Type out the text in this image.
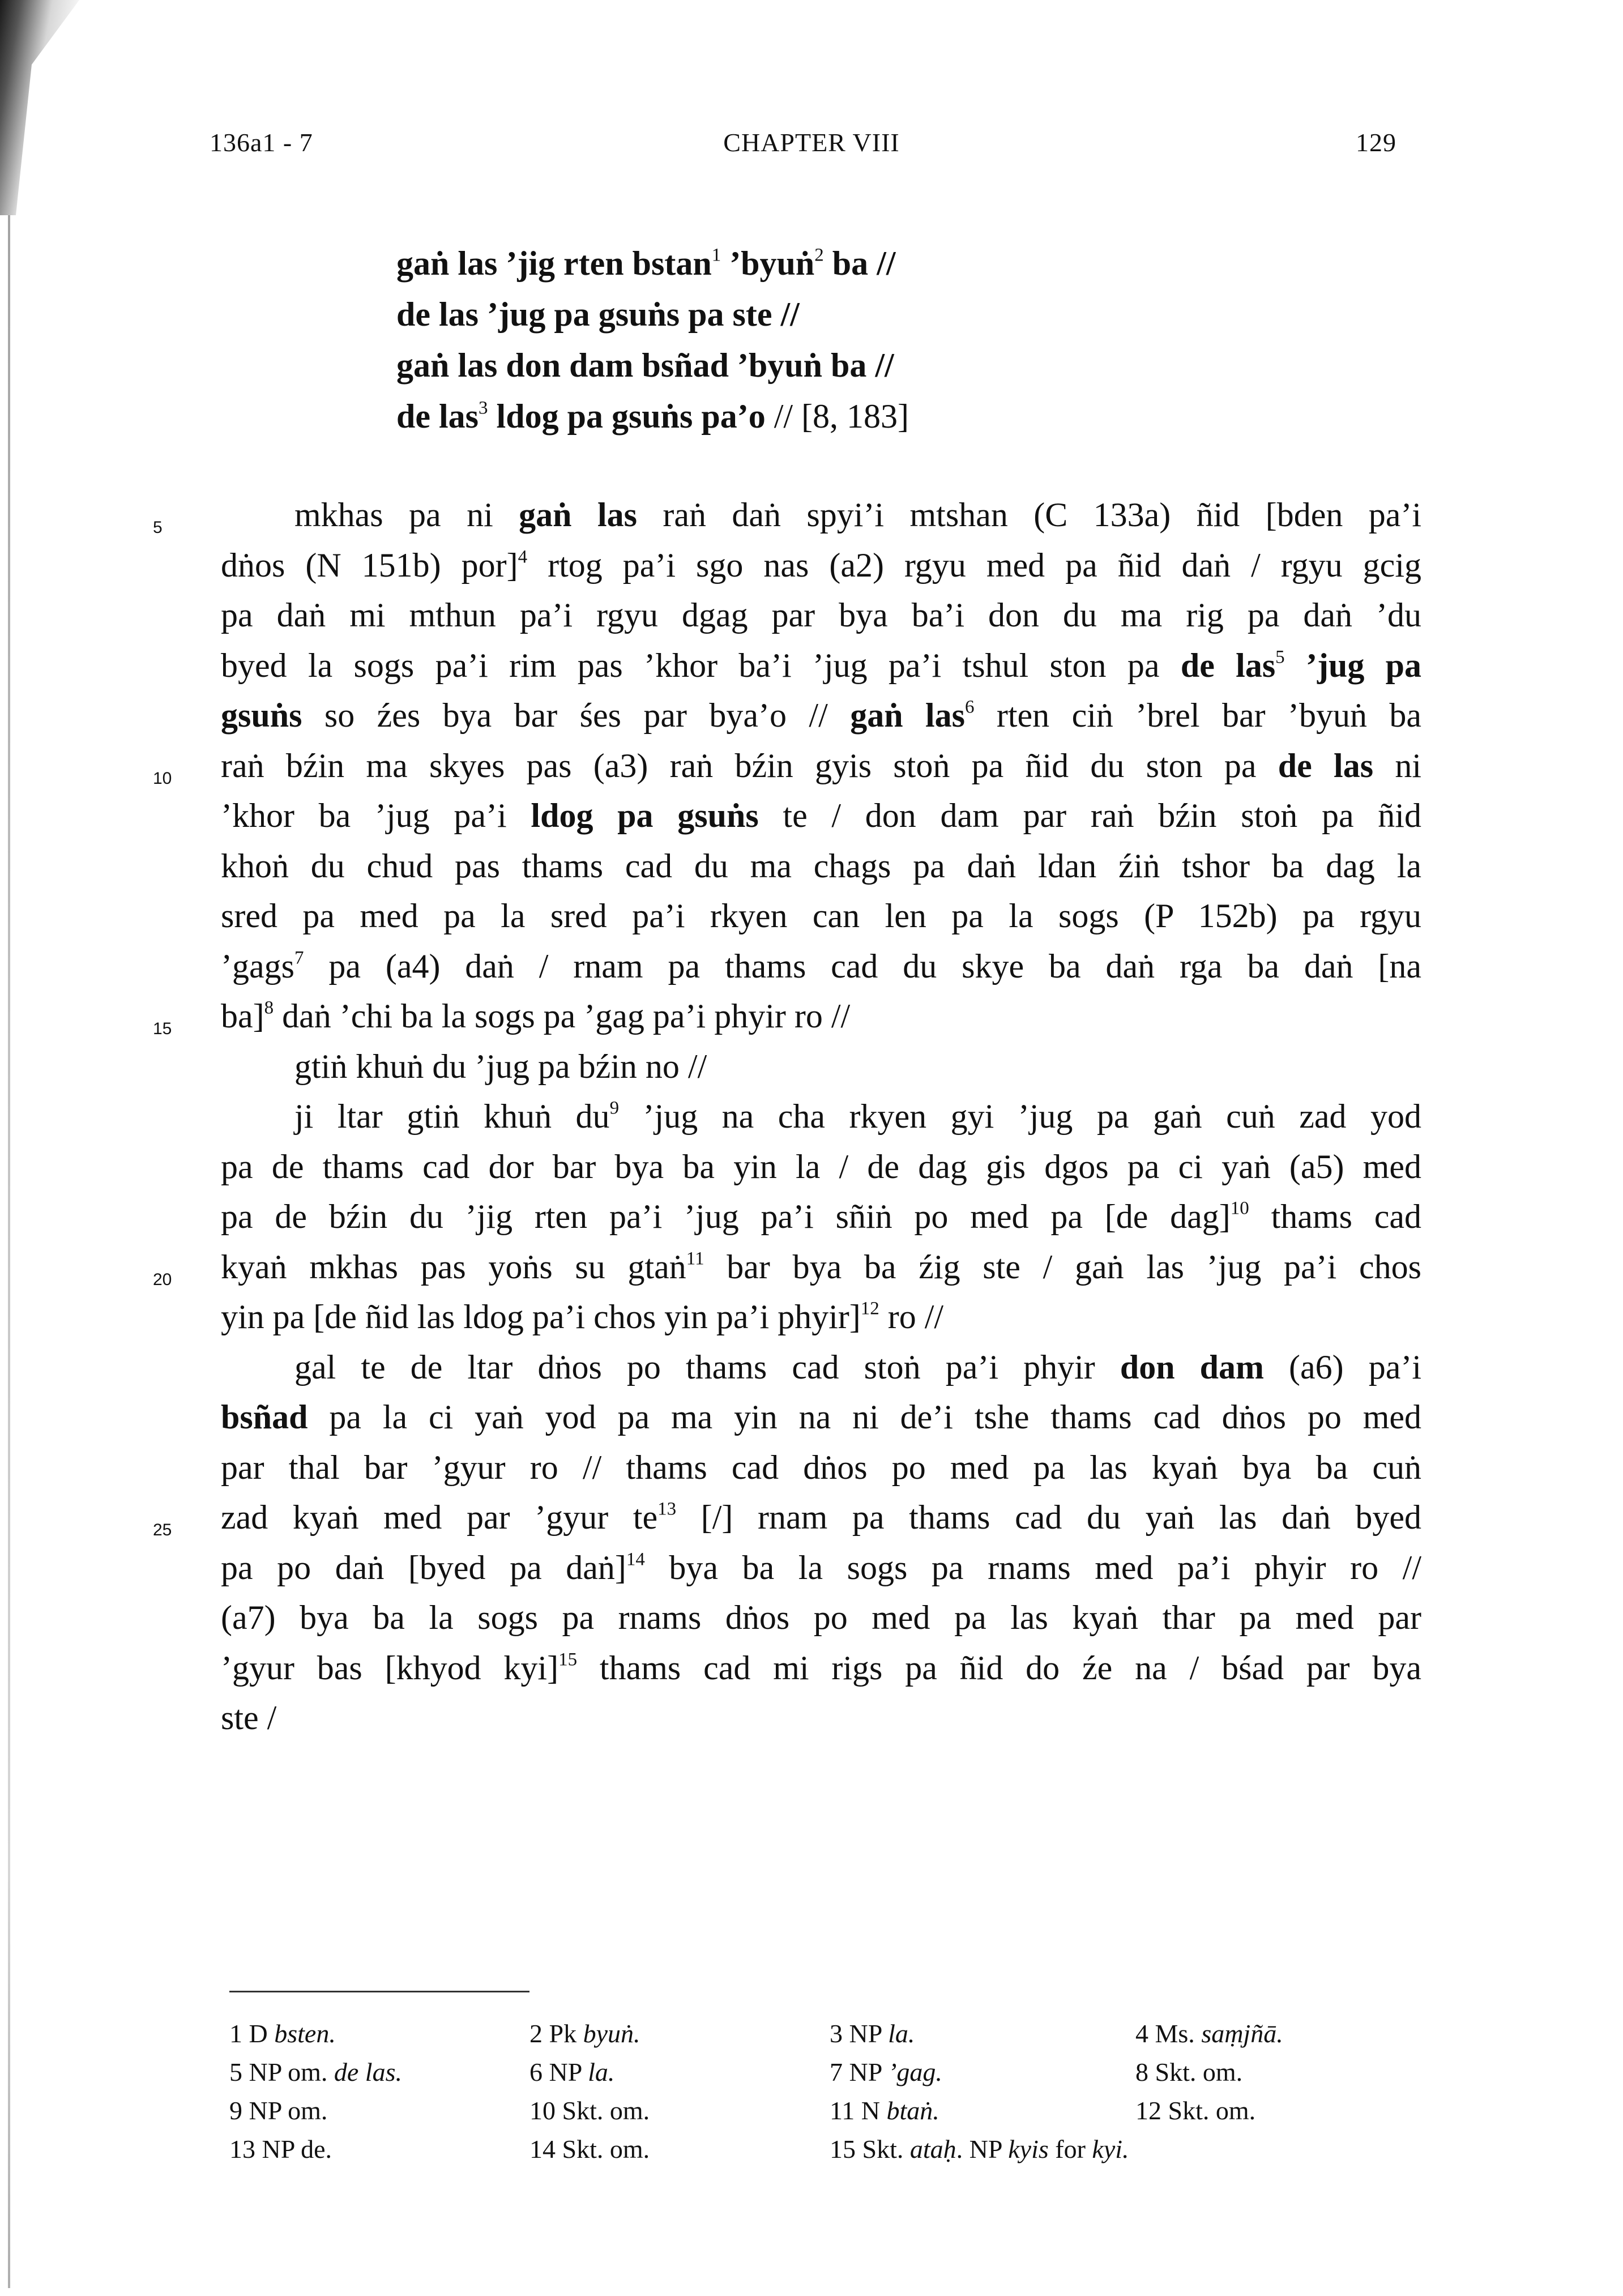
136a1 - 7	CHAPTER VIII	129
gaṅ las ’jig rten bstan$^1$ ’byuṅ$^2$ ba //
de las ’jug pa gsuṅs pa ste //
gaṅ las don dam bsñad ’byuṅ ba //
de las$^3$ ldog pa gsuṅs pa’o // [8, 183]
5
10
15
20
25
mkhas pa ni gaṅ las raṅ daṅ spyi’i mtshan (C 133a) ñid [bden pa’i
dṅos (N 151b) por]$^4$ rtog pa’i sgo nas (a2) rgyu med pa ñid daṅ / rgyu gcig
pa daṅ mi mthun pa’i rgyu dgag par bya ba’i don du ma rig pa daṅ ’du
byed la sogs pa’i rim pas ’khor ba’i ’jug pa’i tshul ston pa de las$^5$ ’jug pa
gsuṅs so źes bya bar śes par bya’o // gaṅ las$^6$ rten ciṅ ’brel bar ’byuṅ ba
raṅ bźin ma skyes pas (a3) raṅ bźin gyis stoṅ pa ñid du ston pa de las ni
’khor ba ’jug pa’i ldog pa gsuṅs te / don dam par raṅ bźin stoṅ pa ñid
khoṅ du chud pas thams cad du ma chags pa daṅ ldan źiṅ tshor ba dag la
sred pa med pa la sred pa’i rkyen can len pa la sogs (P 152b) pa rgyu
’gags$^7$ pa (a4) daṅ / rnam pa thams cad du skye ba daṅ rga ba daṅ [na
ba]$^8$ daṅ ’chi ba la sogs pa ’gag pa’i phyir ro //
gtiṅ khuṅ du ’jug pa bźin no //
ji ltar gtiṅ khuṅ $du^9$ ’jug na cha rkyen gyi ’jug pa gaṅ cuṅ zad yod
pa de thams cad dor bar bya ba yin la / de dag gis dgos pa ci yaṅ (a5) med
pa de bźin du ’jig rten pa’i ’jug pa’i sñiṅ po med pa [de dag]$^{10}$ thams cad
kyaṅ mkhas pas yoṅs su gtaṅ$^{11}$ bar bya ba źig ste / gaṅ las ’jug pa’i chos
yin pa [de ñid las ldog pa’i chos yin pa’i phyir]$^{12}$ ro //
gal te de ltar dṅos po thams cad stoṅ pa’i phyir don dam (a6) pa’i
bsñad pa la ci yaṅ yod pa ma yin na ni de’i tshe thams cad dṅos po med
par thal bar ’gyur ro // thams cad dṅos po med pa las kyaṅ bya ba cuṅ
zad kyaṅ med par ’gyur $te^{13}$ [/] rnam pa thams cad du yaṅ las daṅ byed
pa po daṅ [byed pa daṅ]$^{14}$ bya ba la sogs pa rnams med pa’i phyir ro //
(a7) bya ba la sogs pa rnams dṅos po med pa las kyaṅ thar pa med par
’gyur bas [khyod kyi]$^{15}$ thams cad mi rigs pa ñid do źe na / bśad par bya
ste /
1 D bsten.	2 Pk byuṅ.	3 NP la.	4 Ms. saṃjñā.
5 NP om. de las.	6 NP la.	7 NP ’gag.	8 Skt. om.
9 NP om.	10 Skt. om.	11 N btaṅ.	12 Skt. om.
13 NP de.	14 Skt. om.	15 Skt. ataḥ. NP kyis for kyi.
